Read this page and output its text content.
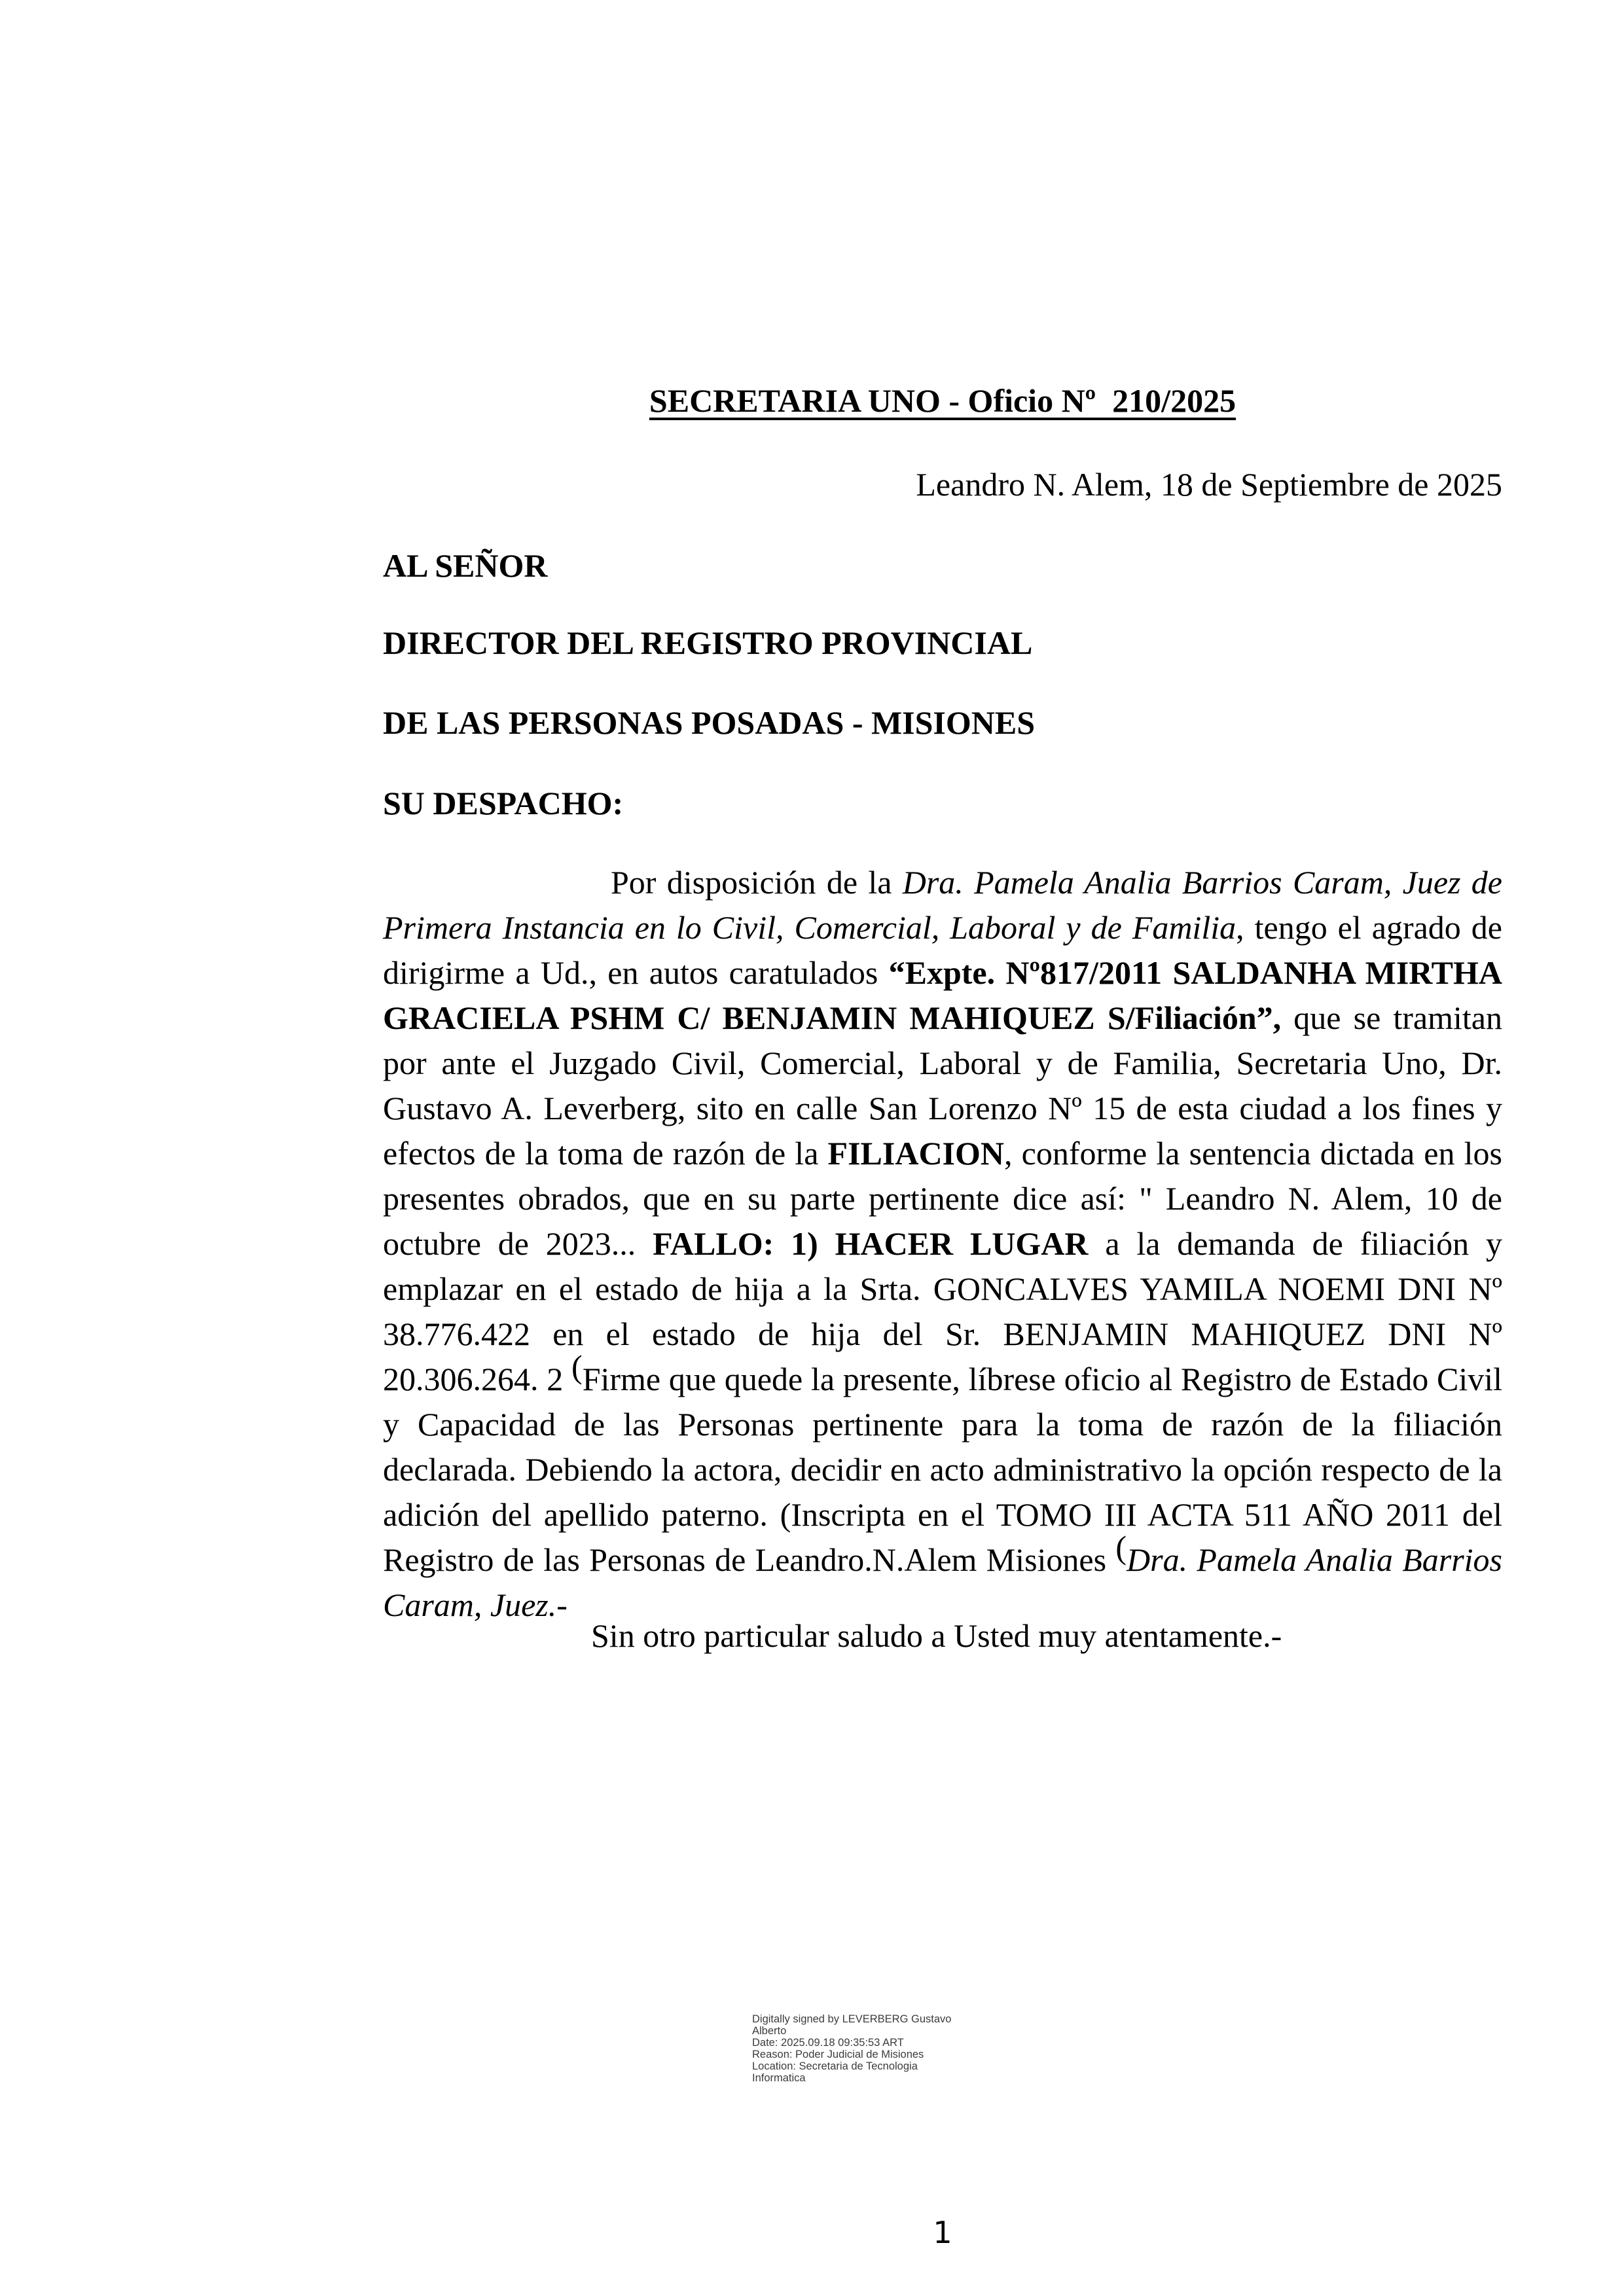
SECRETARIA UNO - Oficio Nº  210/2025
Leandro N. Alem, 18 de Septiembre de 2025
AL SEÑOR
DIRECTOR DEL REGISTRO PROVINCIAL
DE LAS PERSONAS POSADAS - MISIONES
SU DESPACHO:
Por disposición de la Dra. Pamela Analia Barrios Caram, Juez de Primera Instancia en lo Civil, Comercial, Laboral y de Familia, tengo el agrado de dirigirme a Ud., en autos caratulados “Expte. Nº817/2011 SALDANHA MIRTHA GRACIELA PSHM C/ BENJAMIN MAHIQUEZ S/Filiación”, que se tramitan por ante el Juzgado Civil, Comercial, Laboral y de Familia, Secretaria Uno, Dr. Gustavo A. Leverberg, sito en calle San Lorenzo Nº 15 de esta ciudad a los fines y efectos de la toma de razón de la FILIACION, conforme la sentencia dictada en los presentes obrados, que en su parte pertinente dice así: " Leandro N. Alem, 10 de octubre de 2023... FALLO: 1) HACER LUGAR a la demanda de filiación y emplazar en el estado de hija a la Srta. GONCALVES YAMILA NOEMI DNI Nº 38.776.422 en el estado de hija del Sr. BENJAMIN MAHIQUEZ DNI Nº 20.306.264. 2 (Firme que quede la presente, líbrese oficio al Registro de Estado Civil y Capacidad de las Personas pertinente para la toma de razón de la filiación declarada. Debiendo la actora, decidir en acto administrativo la opción respecto de la adición del apellido paterno. (Inscripta en el TOMO III ACTA 511 AÑO 2011 del Registro de las Personas de Leandro.N.Alem Misiones (Dra. Pamela Analia Barrios Caram, Juez.-
Sin otro particular saludo a Usted muy atentamente.-
Digitally signed by LEVERBERG Gustavo Alberto
Date: 2025.09.18 09:35:53 ART
Reason: Poder Judicial de Misiones
Location: Secretaria de Tecnologia Informatica
1
